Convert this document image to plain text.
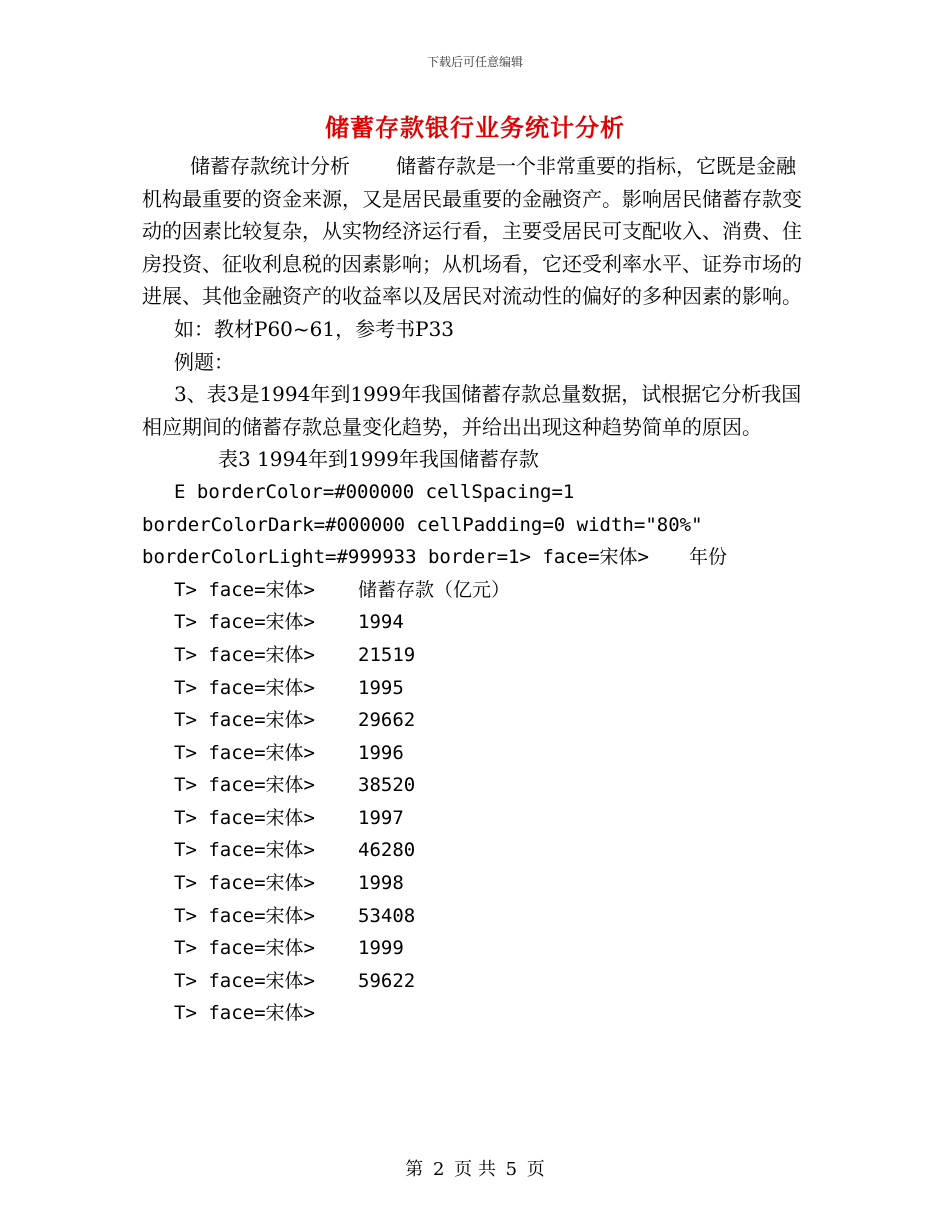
下载后可任意编辑
储蓄存款银行业务统计分析

储蓄存款统计分析 储蓄存款是一个非常重要的指标，它既是金融机构最重要的资金来源，又是居民最重要的金融资产。影响居民储蓄存款变动的因素比较复杂，从实物经济运行看，主要受居民可支配收入、消费、住房投资、征收利息税的因素影响；从机场看，它还受利率水平、证券市场的进展、其他金融资产的收益率以及居民对流动性的偏好的多种因素的影响。

如：教材P60~61，参考书P33

例题：

3、表3是1994年到1999年我国储蓄存款总量数据，试根据它分析我国相应期间的储蓄存款总量变化趋势，并给出出现这种趋势简单的原因。

表3 1994年到1999年我国储蓄存款

E borderColor=#000000 cellSpacing=1

borderColorDark=#000000 cellPadding=0 width="80%"

borderColorLight=#999933 border=1> face=宋体> 年份

T> face=宋体> 储蓄存款（亿元）

T> face=宋体> 1994

T> face=宋体> 21519

T> face=宋体> 1995

T> face=宋体> 29662

T> face=宋体> 1996

T> face=宋体> 38520

T> face=宋体> 1997

T> face=宋体> 46280

T> face=宋体> 1998

T> face=宋体> 53408

T> face=宋体> 1999

T> face=宋体> 59622

T> face=宋体>

第 2 页 共 5 页
